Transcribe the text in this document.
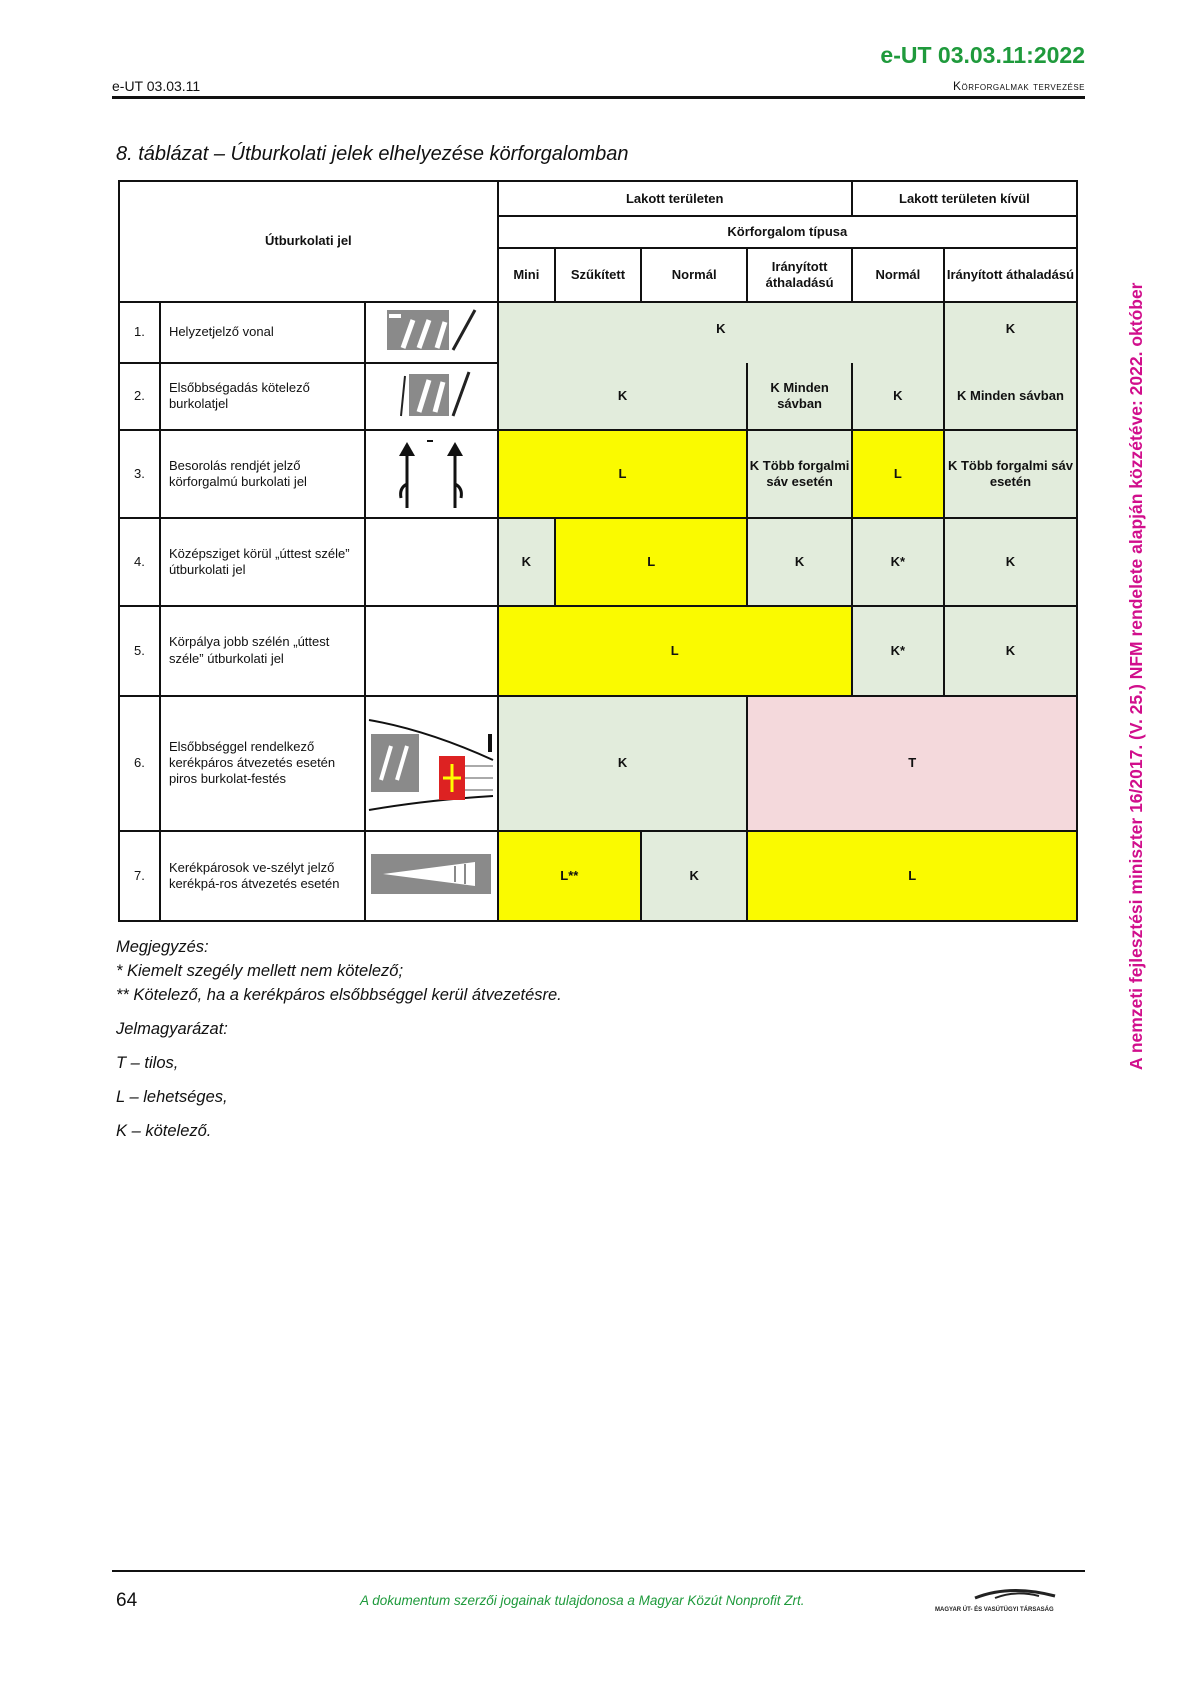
e-UT 03.03.11:2022
e-UT 03.03.11	Körforgalmak tervezése
8. táblázat – Útburkolati jelek elhelyezése körforgalomban
A nemzeti fejlesztési miniszter 16/2017. (V. 25.) NFM rendelete alapján közzétéve: 2022. október
Útburkolati jel			Lakott területen				Lakott területen kívül	
			Körforgalom típusa					
			Mini	Szűkített	Normál	Irányított áthaladású	Normál	Irányított áthaladású
1.	Helyzetjelző vonal		K					K
2.	Elsőbbségadás kötelező burkolatjel		K			K Minden sávban	K	K Minden sávban
3.	Besorolás rendjét jelző körforgalmú burkolati jel		L			K Több forgalmi sáv esetén	L	K Több forgalmi sáv esetén
4.	Középsziget körül „úttest széle” útburkolati jel		K	L		K	K*	K
5.	Körpálya jobb szélén „úttest széle” útburkolati jel		L				K*	K
6.	Elsőbbséggel rendelkező kerékpáros átvezetés esetén piros burkolat-festés		K			T		
7.	Kerékpárosok ve-szélyt jelző kerékpá-ros átvezetés esetén		L**		K	L		
Megjegyzés:
* Kiemelt szegély mellett nem kötelező;
** Kötelező, ha a kerékpáros elsőbbséggel kerül átvezetésre.
Jelmagyarázat:
T – tilos,
L – lehetséges,
K – kötelező.
64	A dokumentum szerzői jogainak tulajdonosa a Magyar Közút Nonprofit Zrt.
MAGYAR ÚT- ÉS VASÚTÜGYI TÁRSASÁG
